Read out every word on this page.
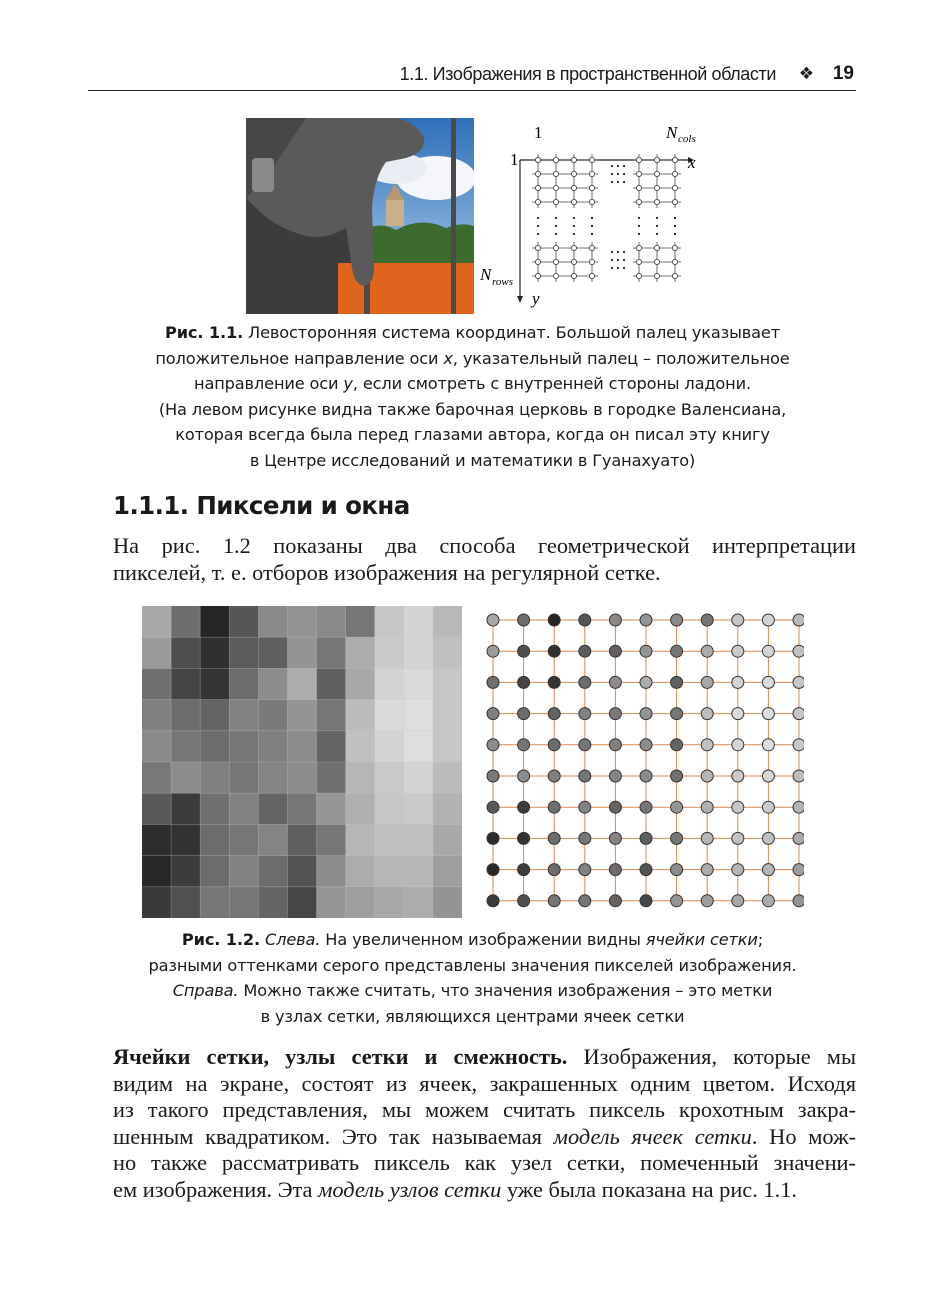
1.1. Изображения в пространственной области ❖ 19
1
1
N cols
x
N rows
y
Рис. 1.1. Левосторонняя система координат. Большой палец указывает
положительное направление оси x, указательный палец – положительное
направление оси y, если смотреть с внутренней стороны ладони.
(На левом рисунке видна также барочная церковь в городке Валенсиана,
которая всегда была перед глазами автора, когда он писал эту книгу
в Центре исследований и математики в Гуанахуато)
1.1.1. Пиксели и окна
На рис. 1.2 показаны два способа геометрической интерпретации
пикселей, т. е. отборов изображения на регулярной сетке.
Рис. 1.2. Слева. На увеличенном изображении видны ячейки сетки;
разными оттенками серого представлены значения пикселей изображения.
Справа. Можно также считать, что значения изображения – это метки
в узлах сетки, являющихся центрами ячеек сетки
Ячейки сетки, узлы сетки и смежность. Изображения, которые мы
видим на экране, состоят из ячеек, закрашенных одним цветом. Исходя
из такого представления, мы можем считать пиксель крохотным закра-
шенным квадратиком. Это так называемая модель ячеек сетки. Но мож-
но также рассматривать пиксель как узел сетки, помеченный значени-
ем изображения. Эта модель узлов сетки уже была показана на рис. 1.1.
